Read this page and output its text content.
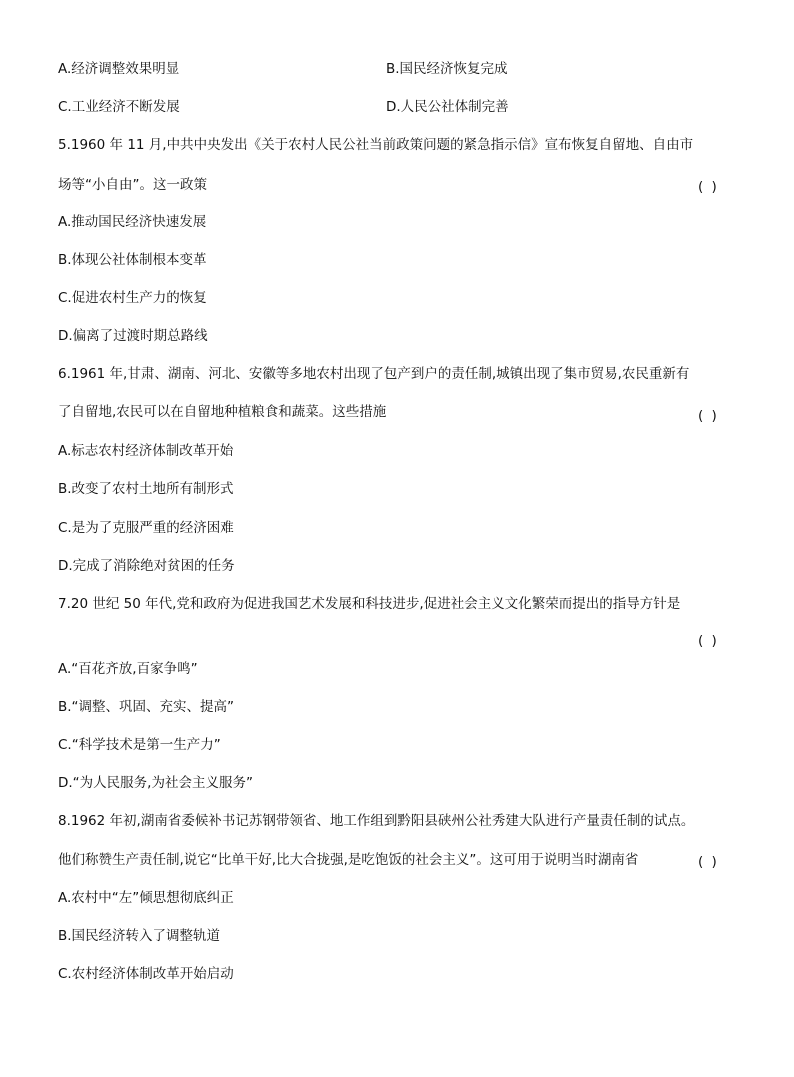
A.经济调整效果明显	B.国民经济恢复完成
C.工业经济不断发展	D.人民公社体制完善
5.1960 年 11 月,中共中央发出《关于农村人民公社当前政策问题的紧急指示信》宣布恢复自留地、自由市
场等“小自由”。这一政策	( )
A.推动国民经济快速发展
B.体现公社体制根本变革
C.促进农村生产力的恢复
D.偏离了过渡时期总路线
6.1961 年,甘肃、湖南、河北、安徽等多地农村出现了包产到户的责任制,城镇出现了集市贸易,农民重新有
了自留地,农民可以在自留地种植粮食和蔬菜。这些措施	( )
A.标志农村经济体制改革开始
B.改变了农村土地所有制形式
C.是为了克服严重的经济困难
D.完成了消除绝对贫困的任务
7.20 世纪 50 年代,党和政府为促进我国艺术发展和科技进步,促进社会主义文化繁荣而提出的指导方针是
( )
A.“百花齐放,百家争鸣”
B.“调整、巩固、充实、提高”
C.“科学技术是第一生产力”
D.“为人民服务,为社会主义服务”
8.1962 年初,湖南省委候补书记苏钢带领省、地工作组到黔阳县硖州公社秀建大队进行产量责任制的试点。
他们称赞生产责任制,说它“比单干好,比大合拢强,是吃饱饭的社会主义”。这可用于说明当时湖南省	( )
A.农村中“左”倾思想彻底纠正
B.国民经济转入了调整轨道
C.农村经济体制改革开始启动
